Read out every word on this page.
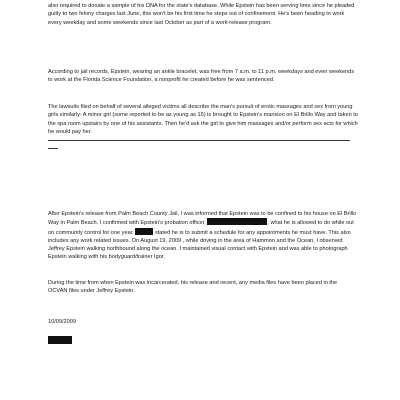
also required to donate a sample of his DNA for the state's database. While Epstein has been serving time since he pleaded guilty to two felony charges last June, this won't be his first time he steps out of confinement. He's been heading to work every weekday and some weekends since last October as part of a work-release program.

According to jail records, Epstein, wearing an ankle bracelet, was free from 7 a.m. to 11 p.m. weekdays and even weekends to work at the Florida Science Foundation, a nonprofit he created before he was sentenced.

The lawsuits filed on behalf of several alleged victims all describe the man's pursuit of erotic massages and sex from young girls similarly: A minor girl (some reported to be as young as 15) is brought to Epstein's mansion on El Brillo Way and taken to the spa room upstairs by one of his assistants. Then he'd ask the girl to give him massages and/or perform sex acts for which he would pay her.

After Epstein's release from Palm Beach County Jail, I was informed that Epstein was to be confined to his house on El Brillo Way in Palm Beach. I confirmed with Epstein's probation officer,	, what he is allowed to do while out on community control for one year.	stated he is to submit a schedule for any appointments he must have. This also includes any work related issues. On August 19, 2009 , while driving in the area of Hammon and the Ocean, I observed Jeffrey Epstein walking northbound along the ocean. I maintained visual contact with Epstein and was able to photograph Epstein walking with his bodyguard/trainer Igor.

During the time from when Epstein was incarcerated, his release and recent, any media files have been placed in the OCVAN files under Jeffrey Epstein.

10/09/2009
